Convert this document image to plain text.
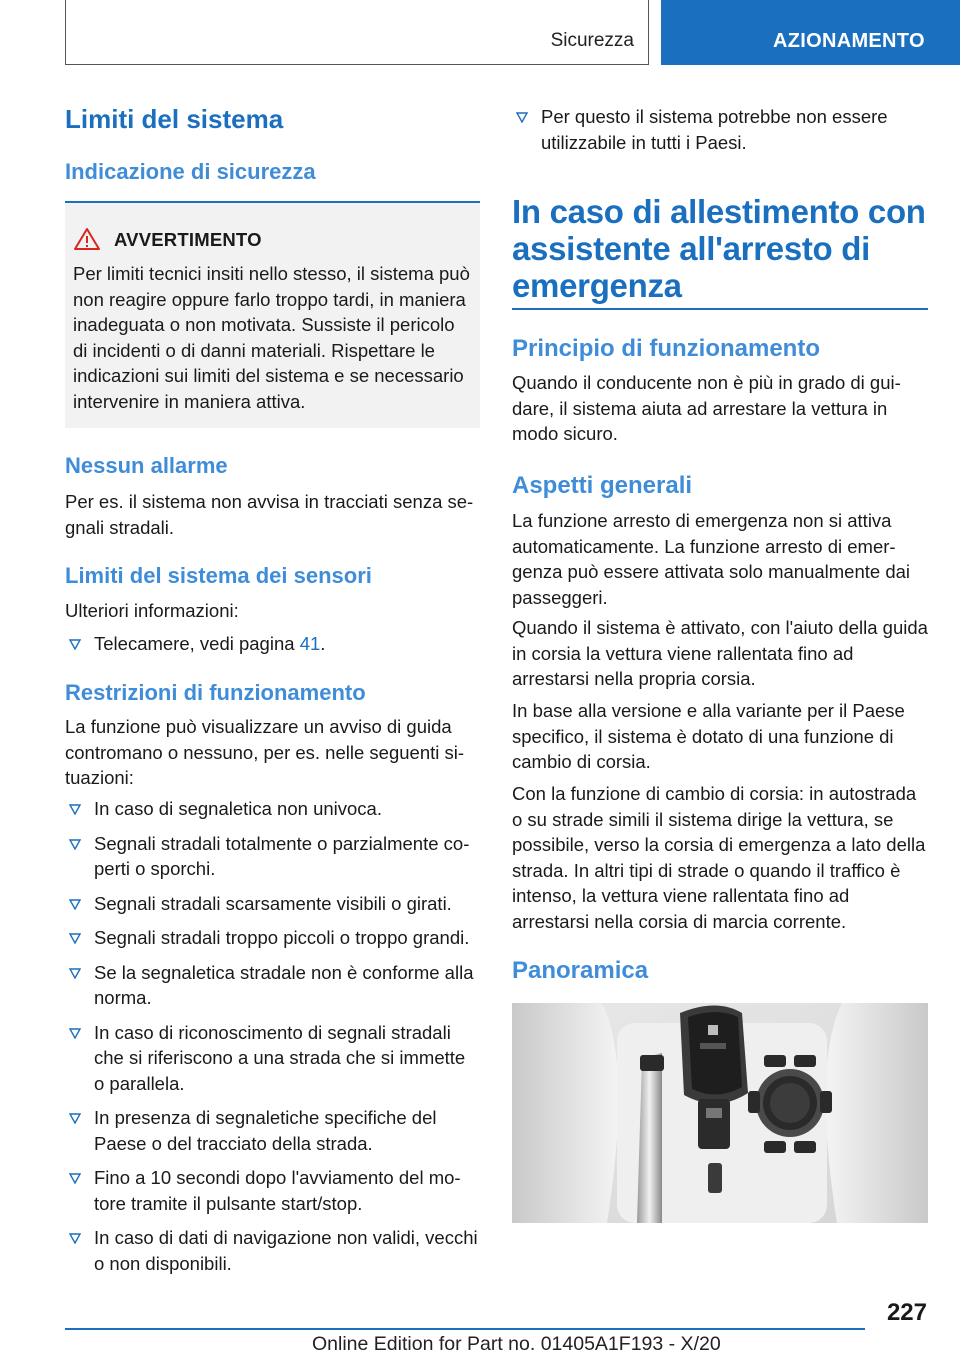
Sicurezza	AZIONAMENTO
Limiti del sistema
Indicazione di sicurezza
AVVERTIMENTO

Per limiti tecnici insiti nello stesso, il sistema può non reagire oppure farlo troppo tardi, in maniera inadeguata o non motivata. Sussiste il pericolo di incidenti o di danni materiali. Rispettare le indicazioni sui limiti del sistema e se necessario intervenire in maniera attiva.

Nessun allarme

Per es. il sistema non avvisa in tracciati senza segnali stradali.

Limiti del sistema dei sensori

Ulteriori informazioni:

Telecamere, vedi pagina 41.
Restrizioni di funzionamento

La funzione può visualizzare un avviso di guida contromano o nessuno, per es. nelle seguenti situazioni:

In caso di segnaletica non univoca.
Segnali stradali totalmente o parzialmente coperti o sporchi.
Segnali stradali scarsamente visibili o girati.
Segnali stradali troppo piccoli o troppo grandi.
Se la segnaletica stradale non è conforme alla norma.
In caso di riconoscimento di segnali stradali che si riferiscono a una strada che si immette o parallela.
In presenza di segnaletiche specifiche del Paese o del tracciato della strada.
Fino a 10 secondi dopo l'avviamento del motore tramite il pulsante start/stop.
In caso di dati di navigazione non validi, vecchi o non disponibili.
Per questo il sistema potrebbe non essere utilizzabile in tutti i Paesi.
In caso di allestimento con assistente all'arresto di emergenza
Principio di funzionamento

Quando il conducente non è più in grado di guidare, il sistema aiuta ad arrestare la vettura in modo sicuro.

Aspetti generali

La funzione arresto di emergenza non si attiva automaticamente. La funzione arresto di emergenza può essere attivata solo manualmente dai passeggeri.

Quando il sistema è attivato, con l'aiuto della guida in corsia la vettura viene rallentata fino ad arrestarsi nella propria corsia.

In base alla versione e alla variante per il Paese specifico, il sistema è dotato di una funzione di cambio di corsia.

Con la funzione di cambio di corsia: in autostrada o su strade simili il sistema dirige la vettura, se possibile, verso la corsia di emergenza a lato della strada. In altri tipi di strade o quando il traffico è intenso, la vettura viene rallentata fino ad arrestarsi nella corsia di marcia corrente.

Panoramica
227
Online Edition for Part no. 01405A1F193 - X/20
